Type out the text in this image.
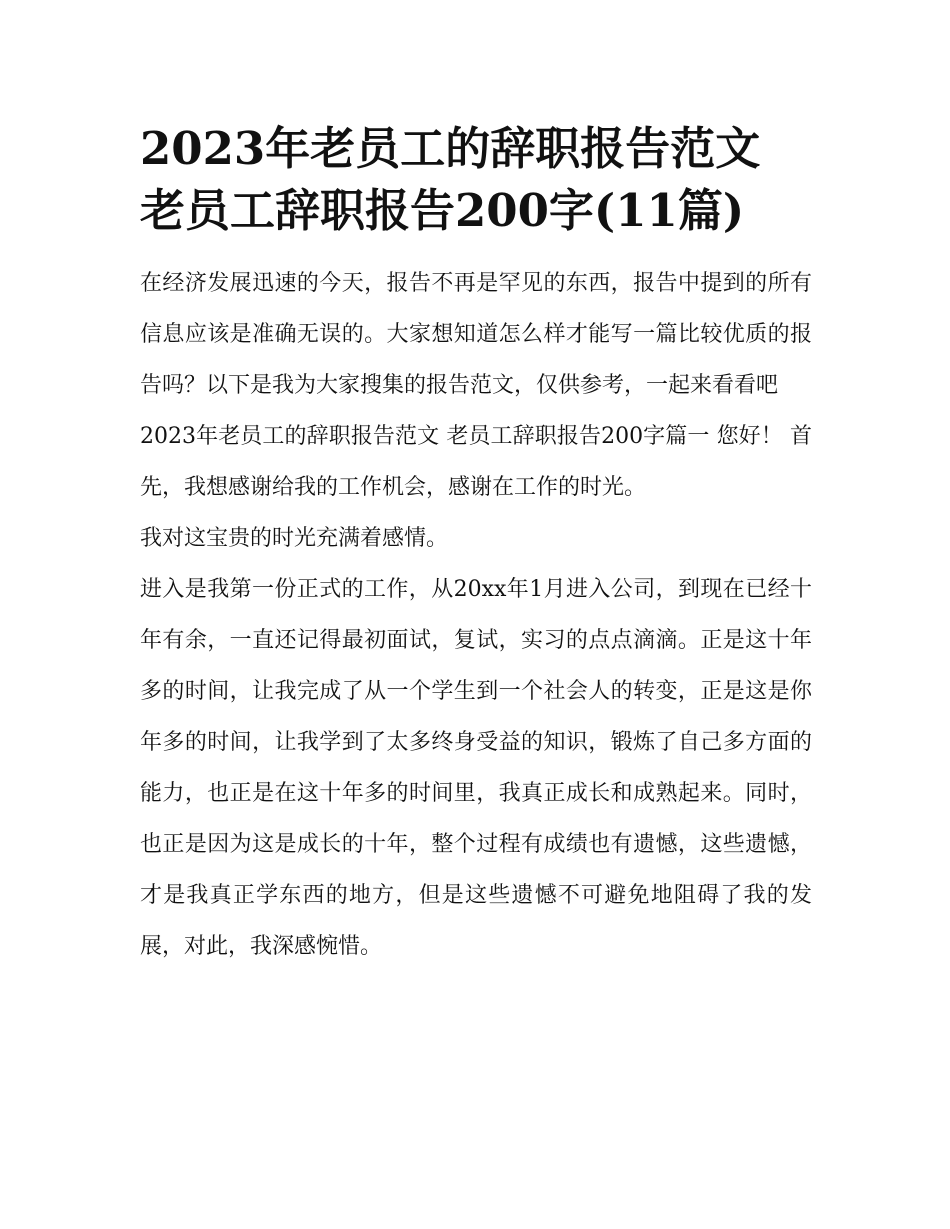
2023年老员工的辞职报告范文 老员工辞职报告200字(11篇)

在经济发展迅速的今天，报告不再是罕见的东西，报告中提到的所有信息应该是准确无误的。大家想知道怎么样才能写一篇比较优质的报告吗？以下是我为大家搜集的报告范文，仅供参考，一起来看看吧

2023年老员工的辞职报告范文 老员工辞职报告200字篇一 您好！ 首先，我想感谢给我的工作机会，感谢在工作的时光。

我对这宝贵的时光充满着感情。

进入是我第一份正式的工作，从20xx年1月进入公司，到现在已经十年有余，一直还记得最初面试，复试，实习的点点滴滴。正是这十年多的时间，让我完成了从一个学生到一个社会人的转变，正是这是你年多的时间，让我学到了太多终身受益的知识，锻炼了自己多方面的能力，也正是在这十年多的时间里，我真正成长和成熟起来。同时，也正是因为这是成长的十年，整个过程有成绩也有遗憾，这些遗憾，才是我真正学东西的地方，但是这些遗憾不可避免地阻碍了我的发展，对此，我深感惋惜。
